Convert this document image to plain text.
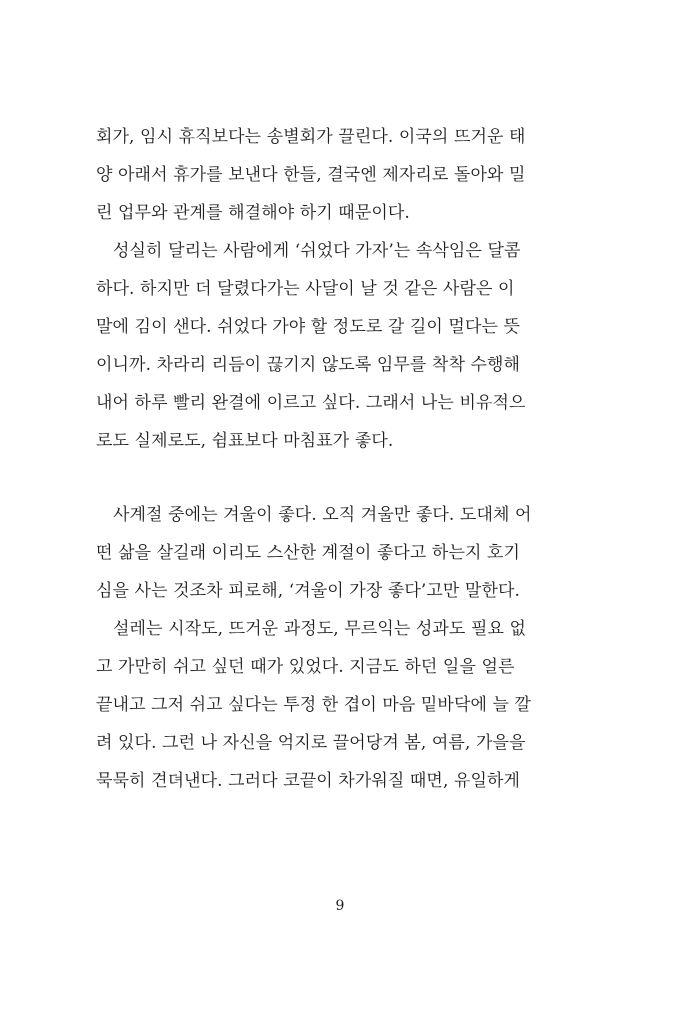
회가, 임시 휴직보다는 송별회가 끌린다. 이국의 뜨거운 태
양 아래서 휴가를 보낸다 한들, 결국엔 제자리로 돌아와 밀
린 업무와 관계를 해결해야 하기 때문이다.
성실히 달리는 사람에게 ‘쉬었다 가자’는 속삭임은 달콤
하다. 하지만 더 달렸다가는 사달이 날 것 같은 사람은 이
말에 김이 샌다. 쉬었다 가야 할 정도로 갈 길이 멀다는 뜻
이니까. 차라리 리듬이 끊기지 않도록 임무를 착착 수행해
내어 하루 빨리 완결에 이르고 싶다. 그래서 나는 비유적으
로도 실제로도, 쉼표보다 마침표가 좋다.
사계절 중에는 겨울이 좋다. 오직 겨울만 좋다. 도대체 어
떤 삶을 살길래 이리도 스산한 계절이 좋다고 하는지 호기
심을 사는 것조차 피로해, ‘겨울이 가장 좋다’고만 말한다.
설레는 시작도, 뜨거운 과정도, 무르익는 성과도 필요 없
고 가만히 쉬고 싶던 때가 있었다. 지금도 하던 일을 얼른
끝내고 그저 쉬고 싶다는 투정 한 겹이 마음 밑바닥에 늘 깔
려 있다. 그런 나 자신을 억지로 끌어당겨 봄, 여름, 가을을
묵묵히 견뎌낸다. 그러다 코끝이 차가워질 때면, 유일하게
9
